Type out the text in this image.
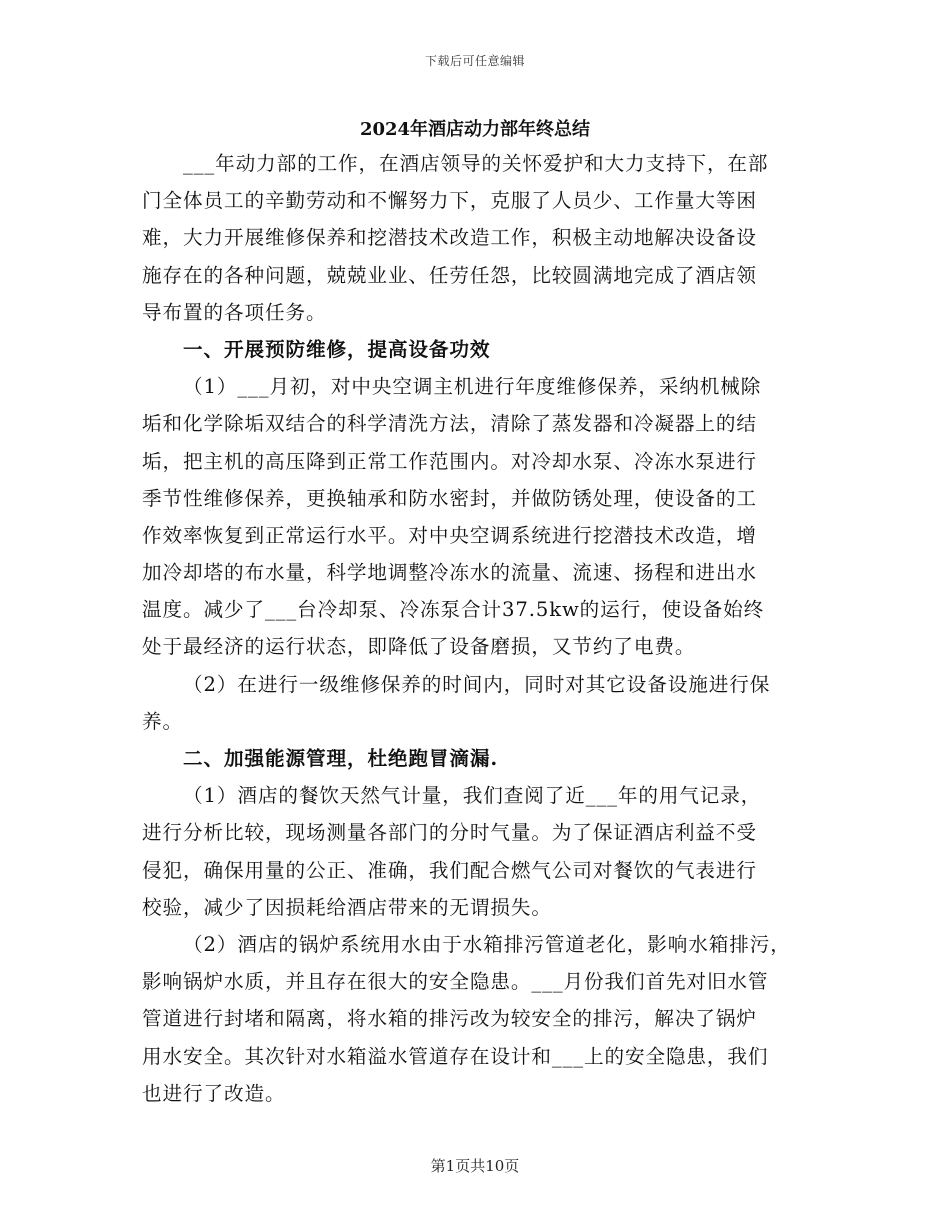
下载后可任意编辑
2024年酒店动力部年终总结
___年动力部的工作，在酒店领导的关怀爱护和大力支持下，在部
门全体员工的辛勤劳动和不懈努力下，克服了人员少、工作量大等困
难，大力开展维修保养和挖潜技术改造工作，积极主动地解决设备设
施存在的各种问题，兢兢业业、任劳任怨，比较圆满地完成了酒店领
导布置的各项任务。
一、开展预防维修，提高设备功效
（1）___月初，对中央空调主机进行年度维修保养，采纳机械除
垢和化学除垢双结合的科学清洗方法，清除了蒸发器和冷凝器上的结
垢，把主机的高压降到正常工作范围内。对冷却水泵、冷冻水泵进行
季节性维修保养，更换轴承和防水密封，并做防锈处理，使设备的工
作效率恢复到正常运行水平。对中央空调系统进行挖潜技术改造，增
加冷却塔的布水量，科学地调整冷冻水的流量、流速、扬程和进出水
温度。减少了___台冷却泵、冷冻泵合计37.5kw的运行，使设备始终
处于最经济的运行状态，即降低了设备磨损，又节约了电费。
（2）在进行一级维修保养的时间内，同时对其它设备设施进行保
养。
二、加强能源管理，杜绝跑冒滴漏.
（1）酒店的餐饮天然气计量，我们查阅了近___年的用气记录，
进行分析比较，现场测量各部门的分时气量。为了保证酒店利益不受
侵犯，确保用量的公正、准确，我们配合燃气公司对餐饮的气表进行
校验，减少了因损耗给酒店带来的无谓损失。
（2）酒店的锅炉系统用水由于水箱排污管道老化，影响水箱排污，
影响锅炉水质，并且存在很大的安全隐患。___月份我们首先对旧水管
管道进行封堵和隔离，将水箱的排污改为较安全的排污，解决了锅炉
用水安全。其次针对水箱溢水管道存在设计和___上的安全隐患，我们
也进行了改造。
第1页共10页
